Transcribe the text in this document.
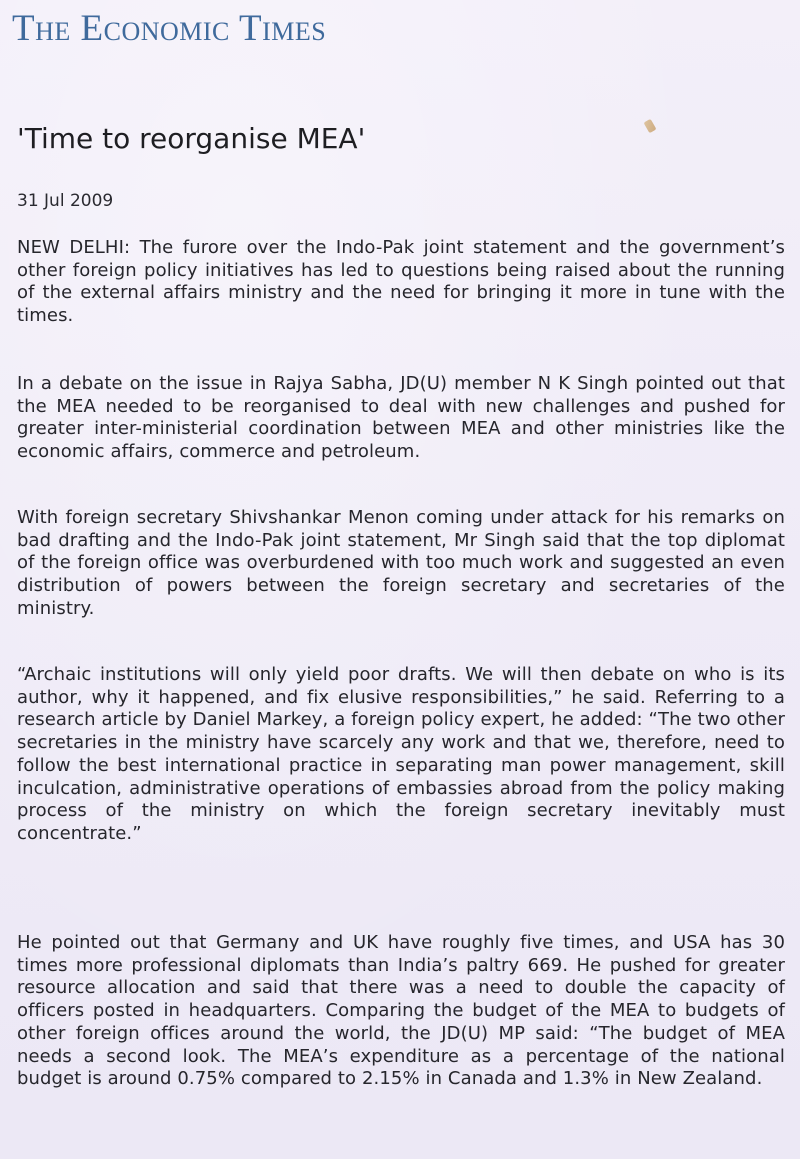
The Economic Times
'Time to reorganise MEA'
31 Jul 2009

NEW DELHI: The furore over the Indo-Pak joint statement and the government’s other foreign policy initiatives has led to questions being raised about the running of the external affairs ministry and the need for bringing it more in tune with the times.

In a debate on the issue in Rajya Sabha, JD(U) member N K Singh pointed out that the MEA needed to be reorganised to deal with new challenges and pushed for greater inter-ministerial coordination between MEA and other ministries like the economic affairs, commerce and petroleum.

With foreign secretary Shivshankar Menon coming under attack for his remarks on bad drafting and the Indo-Pak joint statement, Mr Singh said that the top diplomat of the foreign office was overburdened with too much work and suggested an even distribution of powers between the foreign secretary and secretaries of the ministry.

“Archaic institutions will only yield poor drafts. We will then debate on who is its author, why it happened, and fix elusive responsibilities,” he said. Referring to a research article by Daniel Markey, a foreign policy expert, he added: “The two other secretaries in the ministry have scarcely any work and that we, therefore, need to follow the best international practice in separating man power management, skill inculcation, administrative operations of embassies abroad from the policy making process of the ministry on which the foreign secretary inevitably must concentrate.”

He pointed out that Germany and UK have roughly five times, and USA has 30 times more professional diplomats than India’s paltry 669. He pushed for greater resource allocation and said that there was a need to double the capacity of officers posted in headquarters. Comparing the budget of the MEA to budgets of other foreign offices around the world, the JD(U) MP said: “The budget of MEA needs a second look. The MEA’s expenditure as a percentage of the national budget is around 0.75% compared to 2.15% in Canada and 1.3% in New Zealand.
